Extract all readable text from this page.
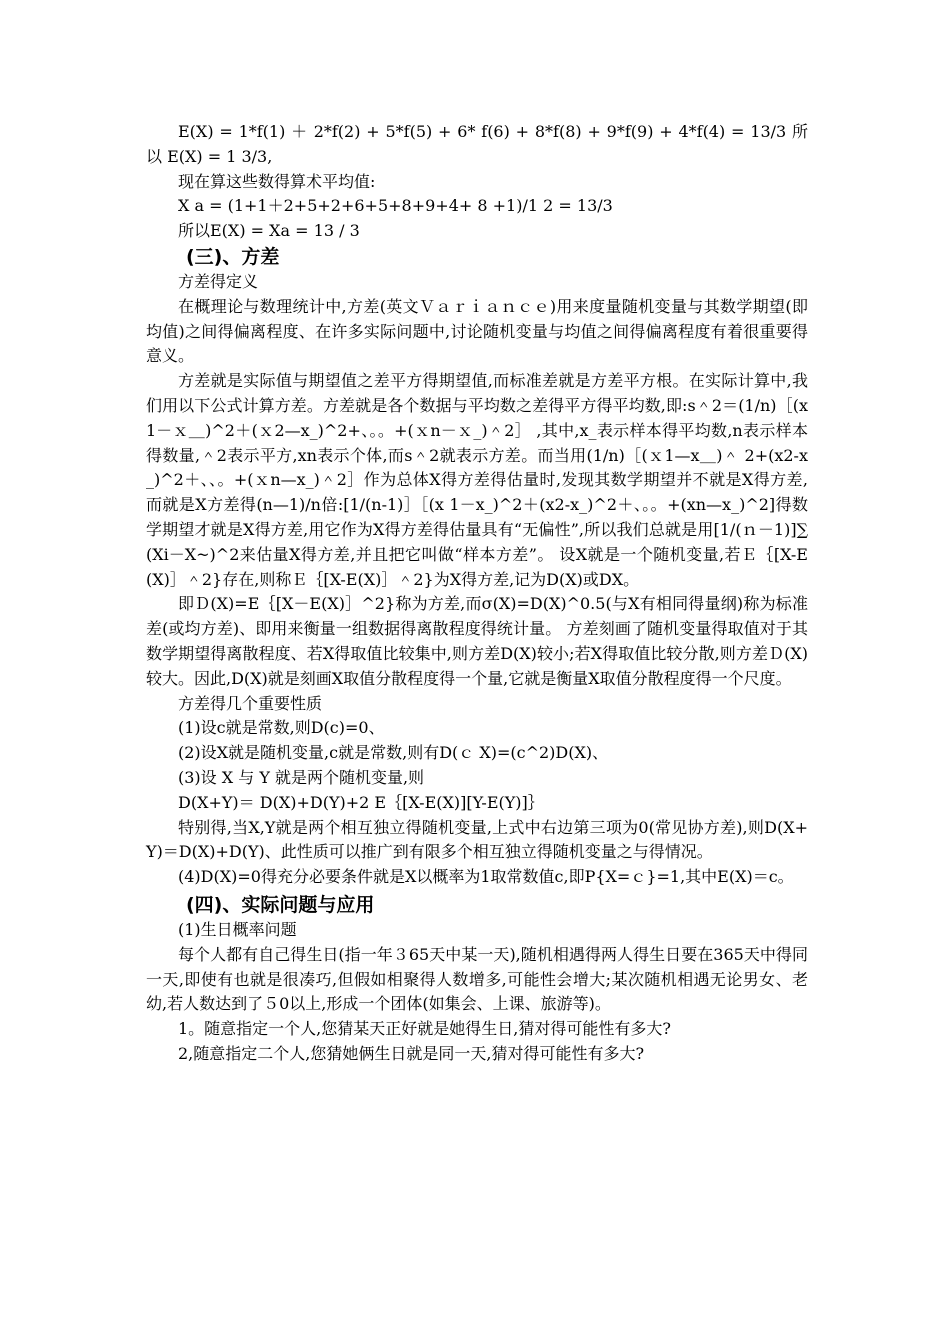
E(X) = 1*f(1) ＋ 2*f(2) + 5*f(5) + 6* f(6) + 8*f(8) + 9*f(9) + 4*f(4) = 13/3 所以 E(X) = 1 3/3,

现在算这些数得算术平均值:

X a = (1+1＋2+5+2+6+5+8+9+4+ 8 +1)/1 2 = 13/3

所以E(X) = Xa = 13 / 3

(三)、方差

方差得定义

在概理论与数理统计中,方差(英文Ｖａｒｉａｎｃｅ)用来度量随机变量与其数学期望(即均值)之间得偏离程度、在许多实际问题中,讨论随机变量与均值之间得偏离程度有着很重要得意义。

方差就是实际值与期望值之差平方得期望值,而标准差就是方差平方根。在实际计算中,我们用以下公式计算方差。方差就是各个数据与平均数之差得平方得平均数,即:s＾2＝(1/n)［(x1－ｘ＿)^2＋(ｘ2—x_)^2+、。。+(ｘn－ｘ_)＾2］ ,其中,x_表示样本得平均数,n表示样本得数量,＾2表示平方,xn表示个体,而s＾2就表示方差。而当用(1/n)［(ｘ1—x＿)＾ 2+(x2-x_)^2＋、、。+(ｘn—x_)＾2］作为总体X得方差得估量时,发现其数学期望并不就是X得方差,而就是X方差得(n—1)/n倍:[1/(n-1)］［(x 1－x_)^2＋(x2-x_)^2＋、。。+(xn—x_)^2]得数学期望才就是X得方差,用它作为X得方差得估量具有“无偏性”,所以我们总就是用[1/(ｎ－1)]∑(Xi－X~)^2来估量X得方差,并且把它叫做“样本方差”。 设X就是一个随机变量,若Ｅ｛[X-E(X)］＾2}存在,则称Ｅ｛[X-E(X)］＾2}为X得方差,记为D(X)或DX。

即Ｄ(X)=E｛[X－E(X)］^2}称为方差,而σ(X)=D(X)^0.5(与X有相同得量纲)称为标准差(或均方差)、即用来衡量一组数据得离散程度得统计量。 方差刻画了随机变量得取值对于其数学期望得离散程度、若X得取值比较集中,则方差D(X)较小;若X得取值比较分散,则方差Ｄ(X)较大。因此,D(X)就是刻画X取值分散程度得一个量,它就是衡量X取值分散程度得一个尺度。

方差得几个重要性质

(1)设c就是常数,则D(c)=0、

(2)设X就是随机变量,c就是常数,则有D(ｃ X)=(c^2)D(X)、

(3)设 X 与 Y 就是两个随机变量,则

D(X+Y)＝ D(X)+D(Y)+2 E｛[X-E(X)][Y-E(Y)]｝

特别得,当X,Y就是两个相互独立得随机变量,上式中右边第三项为0(常见协方差),则D(X+Y)＝D(X)+D(Y)、此性质可以推广到有限多个相互独立得随机变量之与得情况。

(4)D(X)=0得充分必要条件就是X以概率为1取常数值c,即P{X=ｃ}=1,其中E(X)＝c。

(四)、实际问题与应用

(1)生日概率问题

每个人都有自己得生日(指一年３65天中某一天),随机相遇得两人得生日要在365天中得同一天,即使有也就是很凑巧,但假如相聚得人数增多,可能性会增大;某次随机相遇无论男女、老幼,若人数达到了５0以上,形成一个团体(如集会、上课、旅游等)。

1。随意指定一个人,您猜某天正好就是她得生日,猜对得可能性有多大?

2,随意指定二个人,您猜她俩生日就是同一天,猜对得可能性有多大?
